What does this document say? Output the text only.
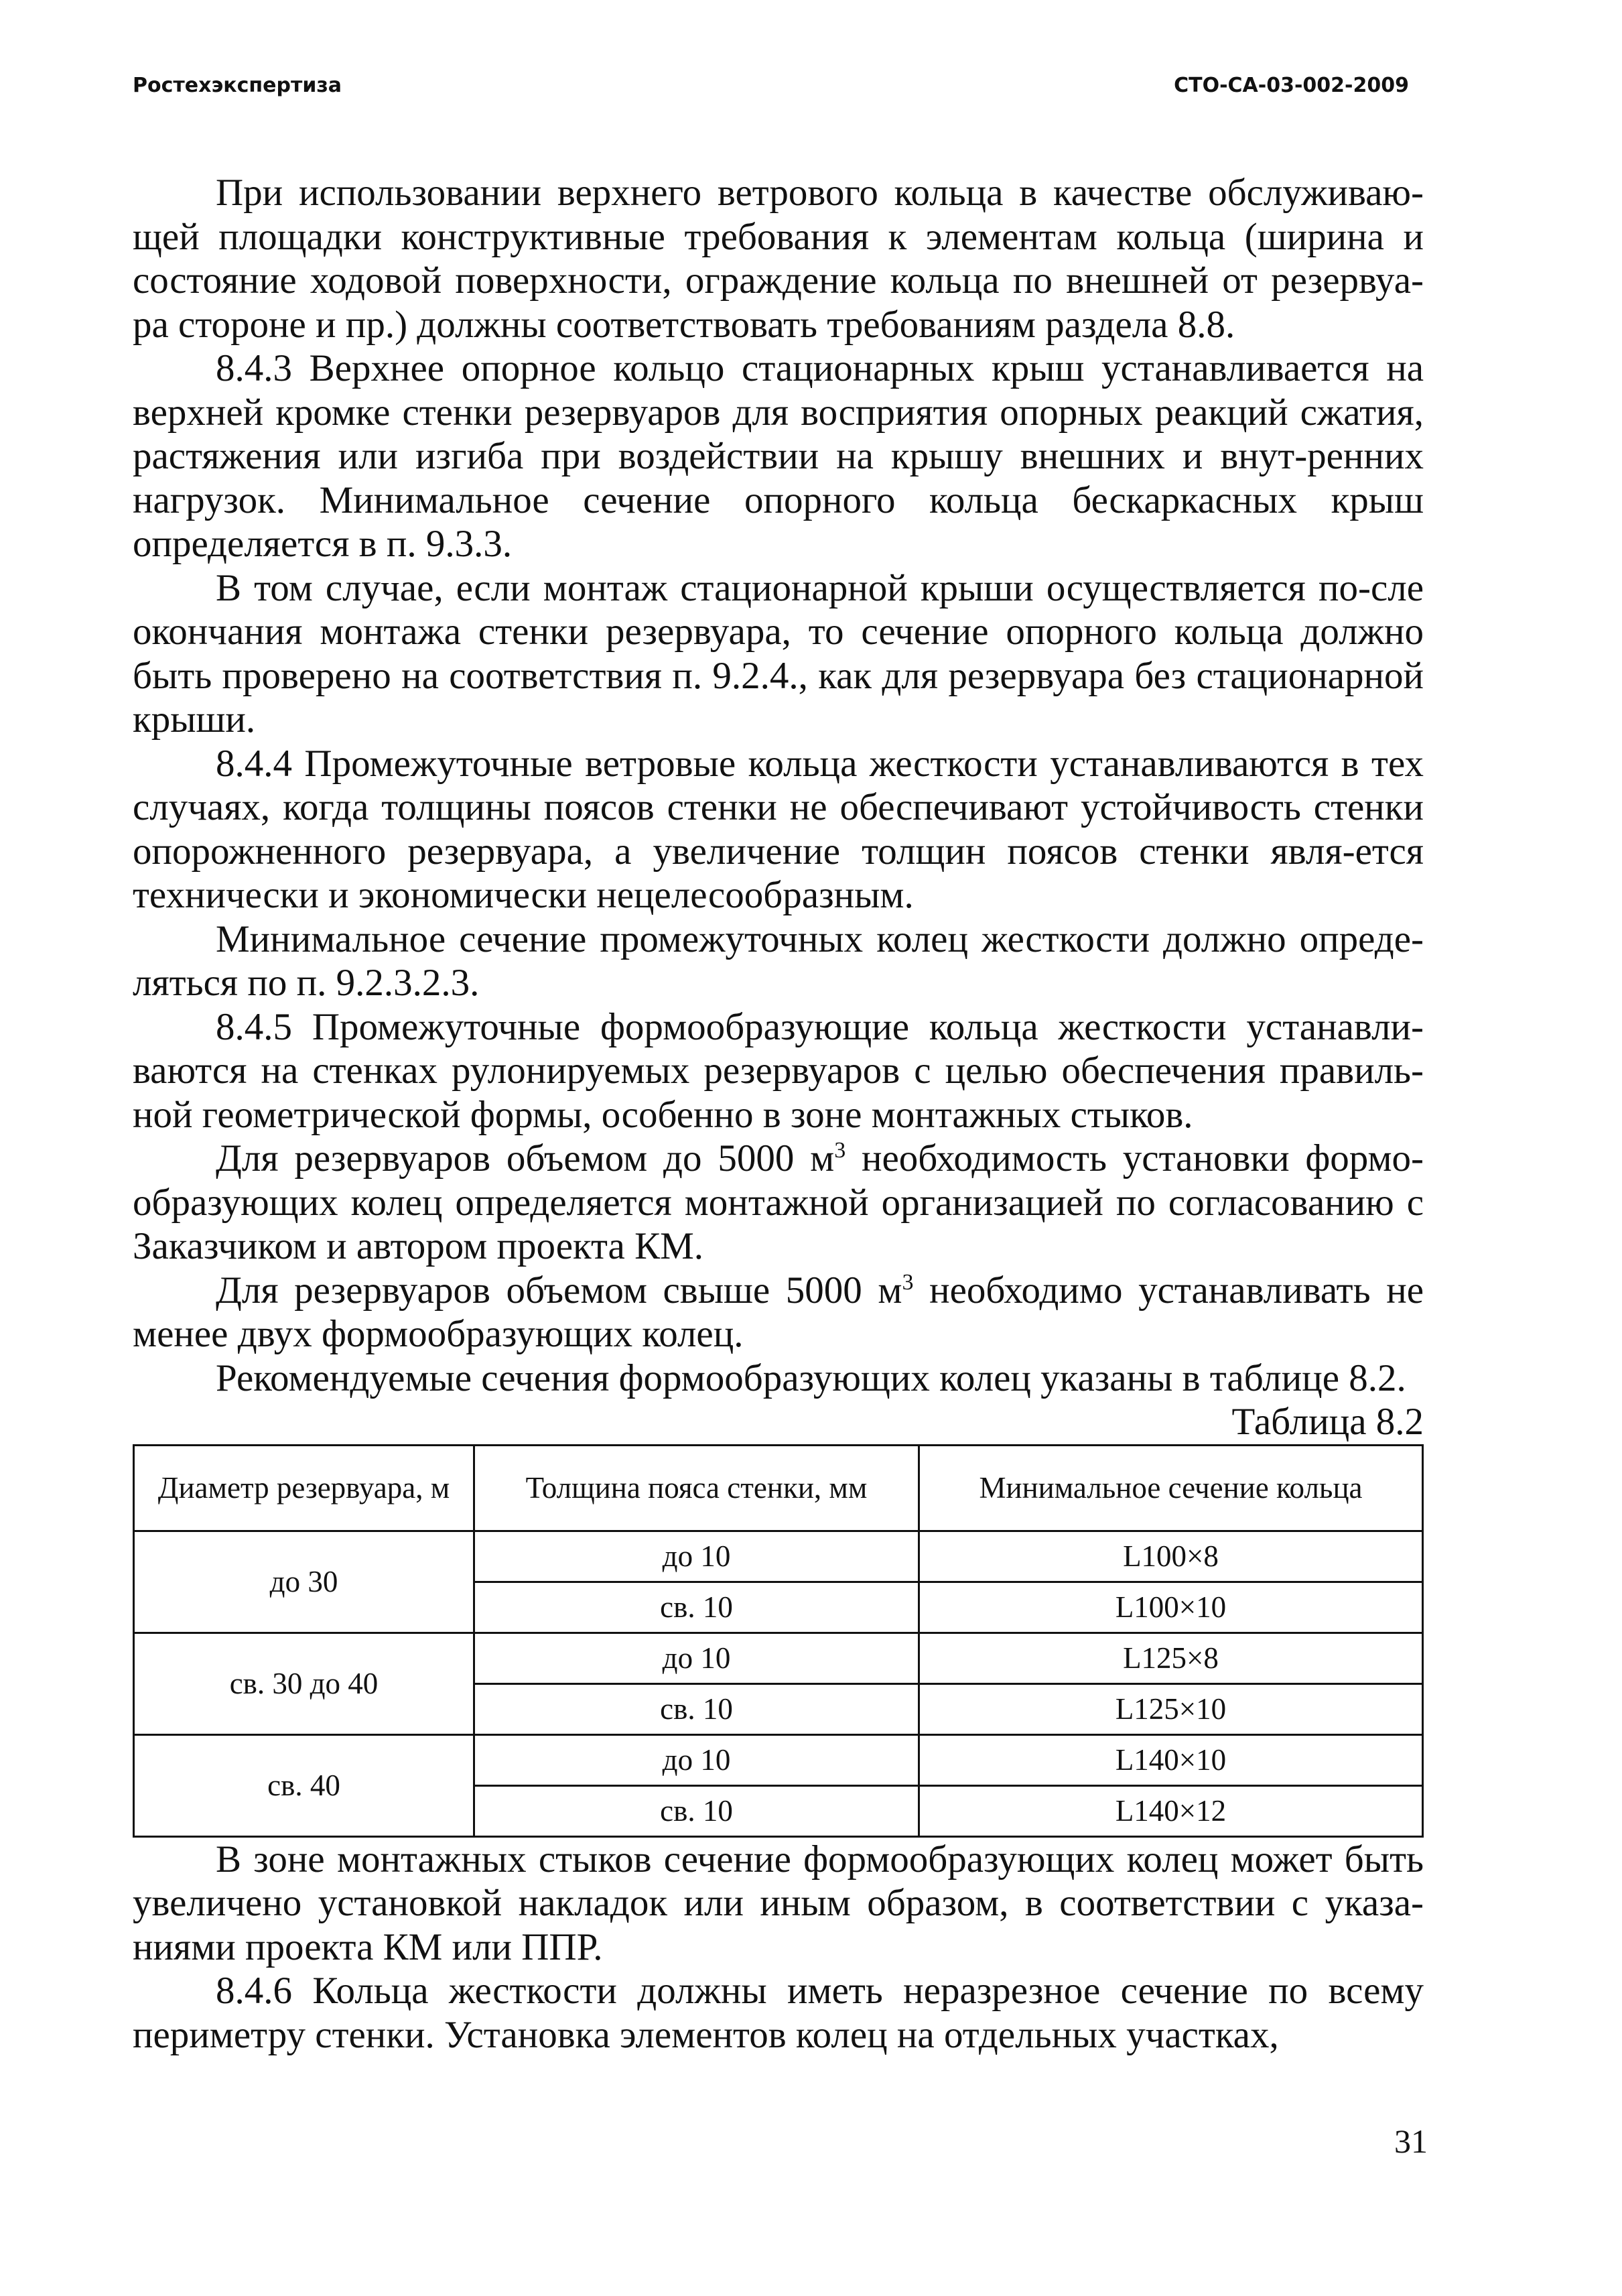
Ростехэкспертиза	СТО-СА-03-002-2009

При использовании верхнего ветрового кольца в качестве обслуживаю-щей площадки конструктивные требования к элементам кольца (ширина и состояние ходовой поверхности, ограждение кольца по внешней от резервуа-ра стороне и пр.) должны соответствовать требованиям раздела 8.8.

8.4.3 Верхнее опорное кольцо стационарных крыш устанавливается на верхней кромке стенки резервуаров для восприятия опорных реакций сжатия, растяжения или изгиба при воздействии на крышу внешних и внут-ренних нагрузок. Минимальное сечение опорного кольца бескаркасных крыш определяется в п. 9.3.3.

В том случае, если монтаж стационарной крыши осуществляется по-сле окончания монтажа стенки резервуара, то сечение опорного кольца должно быть проверено на соответствия п. 9.2.4., как для резервуара без стационарной крыши.

8.4.4 Промежуточные ветровые кольца жесткости устанавливаются в тех случаях, когда толщины поясов стенки не обеспечивают устойчивость стенки опорожненного резервуара, а увеличение толщин поясов стенки явля-ется технически и экономически нецелесообразным.

Минимальное сечение промежуточных колец жесткости должно опреде-ляться по п. 9.2.3.2.3.

8.4.5 Промежуточные формообразующие кольца жесткости устанавли-ваются на стенках рулонируемых резервуаров с целью обеспечения правиль-ной геометрической формы, особенно в зоне монтажных стыков.

Для резервуаров объемом до 5000 $м^3$ необходимость установки формо-образующих колец определяется монтажной организацией по согласованию с Заказчиком и автором проекта КМ.

Для резервуаров объемом свыше 5000 $м^3$ необходимо устанавливать не менее двух формообразующих колец.

Рекомендуемые сечения формообразующих колец указаны в таблице 8.2.

Таблица 8.2

Диаметр резервуара, м	Толщина пояса стенки, мм	Минимальное сечение кольца
до 30	до 10	L100×8
	св. 10	L100×10
св. 30 до 40	до 10	L125×8
	св. 10	L125×10
св. 40	до 10	L140×10
	св. 10	L140×12

В зоне монтажных стыков сечение формообразующих колец может быть увеличено установкой накладок или иным образом, в соответствии с указа-ниями проекта КМ или ППР.

8.4.6 Кольца жесткости должны иметь неразрезное сечение по всему периметру стенки. Установка элементов колец на отдельных участках,

31
